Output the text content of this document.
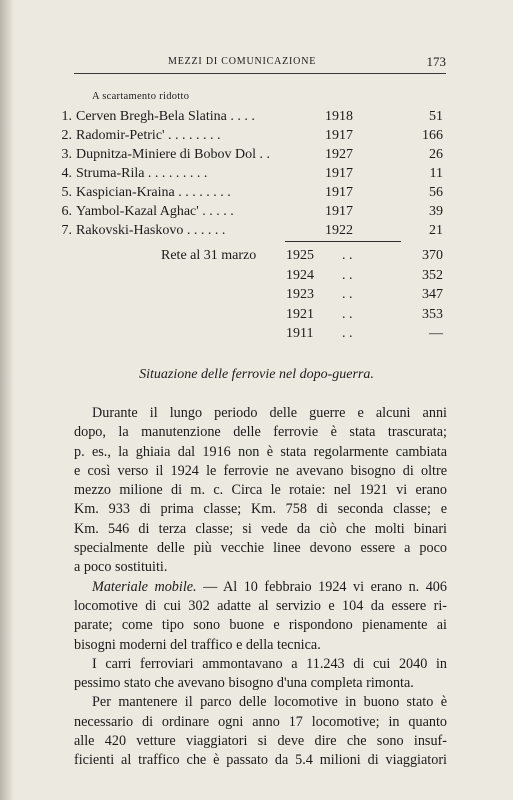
MEZZI DI COMUNICAZIONE	173
A scartamento ridotto
1. Cerven Bregh-Bela Slatina . . . .	1918	51
2. Radomir-Petric' . . . . . . . .	1917	166
3. Dupnitza-Miniere di Bobov Dol . .	1927	26
4. Struma-Rila . . . . . . . . .	1917	11
5. Kaspician-Kraina . . . . . . . .	1917	56
6. Yambol-Kazal Aghac' . . . . .	1917	39
7. Rakovski-Haskovo . . . . . .	1922	21
Rete al 31 marzo 1925 . .	370
1924 . .	352
1923 . .	347
1921 . .	353
1911 . .	—
Situazione delle ferrovie nel dopo-guerra.

Durante il lungo periodo delle guerre e alcuni anni
dopo, la manutenzione delle ferrovie è stata trascurata;
p. es., la ghiaia dal 1916 non è stata regolarmente cambiata
e così verso il 1924 le ferrovie ne avevano bisogno di oltre
mezzo milione di m. c. Circa le rotaie: nel 1921 vi erano
Km. 933 di prima classe; Km. 758 di seconda classe; e
Km. 546 di terza classe; si vede da ciò che molti binari
specialmente delle più vecchie linee devono essere a poco
a poco sostituiti.

Materiale mobile. — Al 10 febbraio 1924 vi erano n. 406
locomotive di cui 302 adatte al servizio e 104 da essere ri-
parate; come tipo sono buone e rispondono pienamente ai
bisogni moderni del traffico e della tecnica.

I carri ferroviari ammontavano a 11.243 di cui 2040 in
pessimo stato che avevano bisogno d'una completa rimonta.

Per mantenere il parco delle locomotive in buono stato è
necessario di ordinare ogni anno 17 locomotive; in quanto
alle 420 vetture viaggiatori si deve dire che sono insuf-
ficienti al traffico che è passato da 5.4 milioni di viaggiatori
